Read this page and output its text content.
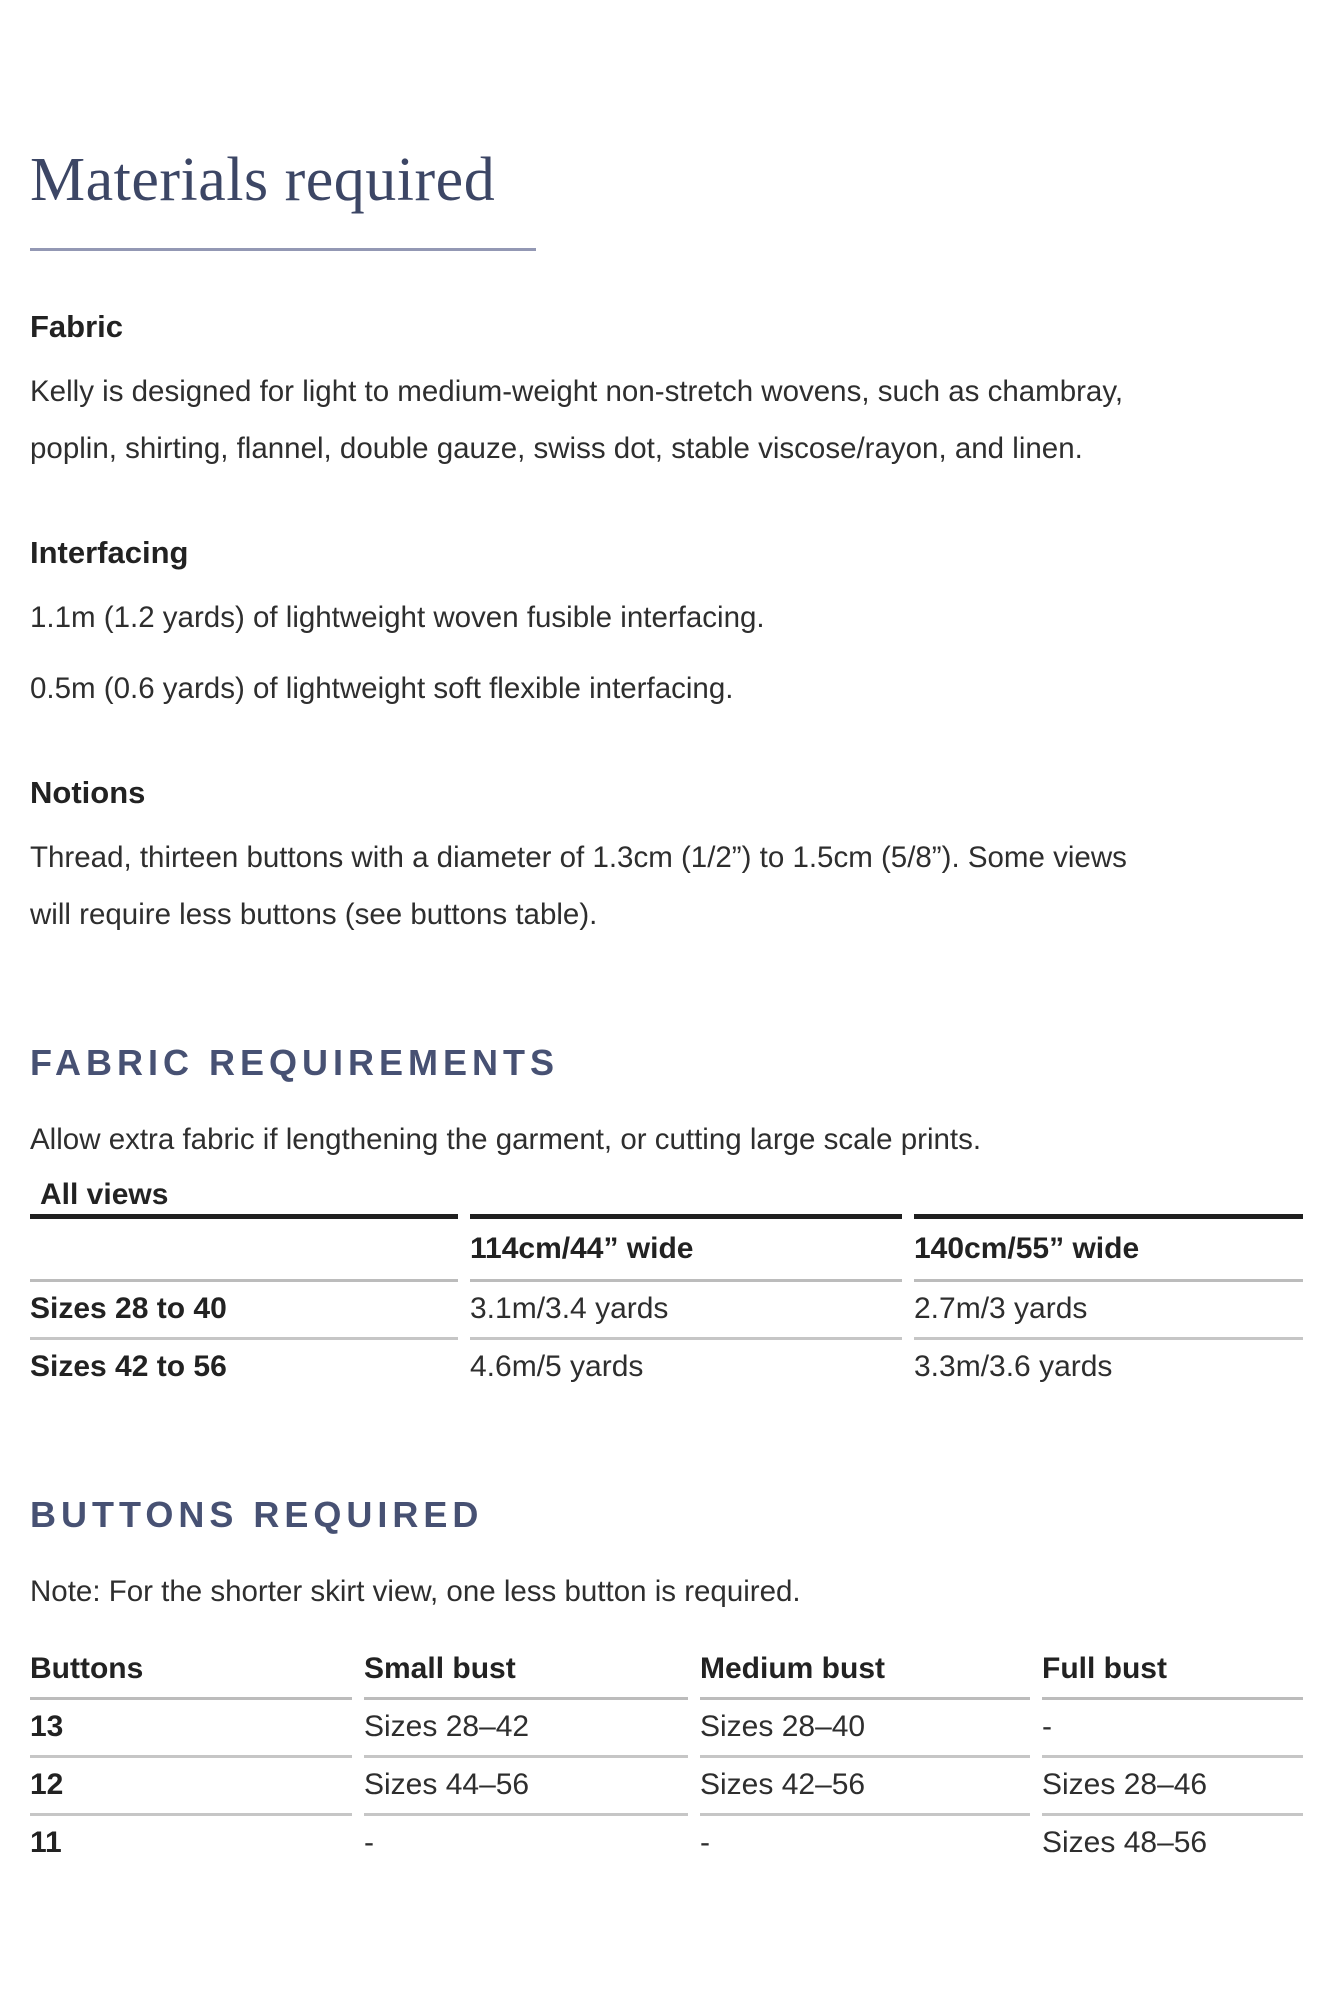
Materials required
Fabric
Kelly is designed for light to medium-weight non-stretch wovens, such as chambray,
poplin, shirting, flannel, double gauze, swiss dot, stable viscose/rayon, and linen.
Interfacing
1.1m (1.2 yards) of lightweight woven fusible interfacing.
0.5m (0.6 yards) of lightweight soft flexible interfacing.
Notions
Thread, thirteen buttons with a diameter of 1.3cm (1/2”) to 1.5cm (5/8”). Some views
will require less buttons (see buttons table).
FABRIC REQUIREMENTS
Allow extra fabric if lengthening the garment, or cutting large scale prints.
All views
	114cm/44” wide	140cm/55” wide
Sizes 28 to 40	3.1m/3.4 yards	2.7m/3 yards
Sizes 42 to 56	4.6m/5 yards	3.3m/3.6 yards
BUTTONS REQUIRED
Note: For the shorter skirt view, one less button is required.
Buttons	Small bust	Medium bust	Full bust
13	Sizes 28–42	Sizes 28–40	-
12	Sizes 44–56	Sizes 42–56	Sizes 28–46
11	-	-	Sizes 48–56
